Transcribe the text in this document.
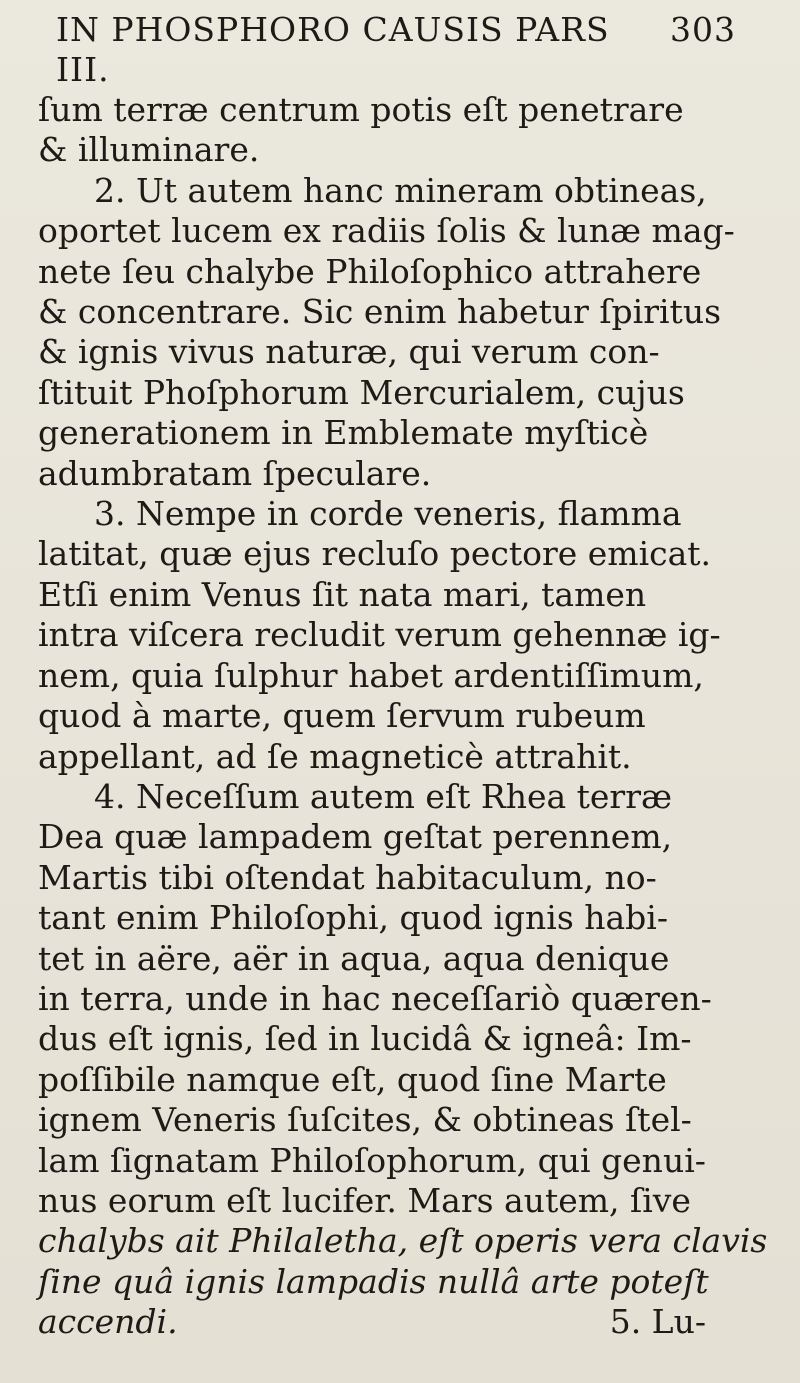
IN PHOSPHORO CAUSIS PARS III.
303

ſum terræ centrum potis eſt penetrare

& illuminare.

2. Ut autem hanc mineram obtineas,

oportet lucem ex radiis ſolis & lunæ mag-

nete ſeu chalybe Philoſophico attrahere

& concentrare. Sic enim habetur ſpiritus

& ignis vivus naturæ, qui verum con-

ſtituit Phoſphorum Mercurialem, cujus

generationem in Emblemate myſticè

adumbratam ſpeculare.

3. Nempe in corde veneris, flamma

latitat, quæ ejus recluſo pectore emicat.

Etſi enim Venus ſit nata mari, tamen

intra viſcera recludit verum gehennæ ig-

nem, quia ſulphur habet ardentiſſimum,

quod à marte, quem ſervum rubeum

appellant, ad ſe magneticè attrahit.

4. Neceſſum autem eſt Rhea terræ

Dea quæ lampadem geſtat perennem,

Martis tibi oſtendat habitaculum, no-

tant enim Philoſophi, quod ignis habi-

tet in aëre, aër in aqua, aqua denique

in terra, unde in hac neceſſariò quæren-

dus eſt ignis, ſed in lucidâ & igneâ: Im-

poſſibile namque eſt, quod ſine Marte

ignem Veneris ſuſcites, & obtineas ſtel-

lam ſignatam Philoſophorum, qui genui-

nus eorum eſt lucifer. Mars autem, ſive

chalybs ait Philaletha, eſt operis vera clavis

ſine quâ ignis lampadis nullâ arte poteſt

accendi.	5. Lu-
